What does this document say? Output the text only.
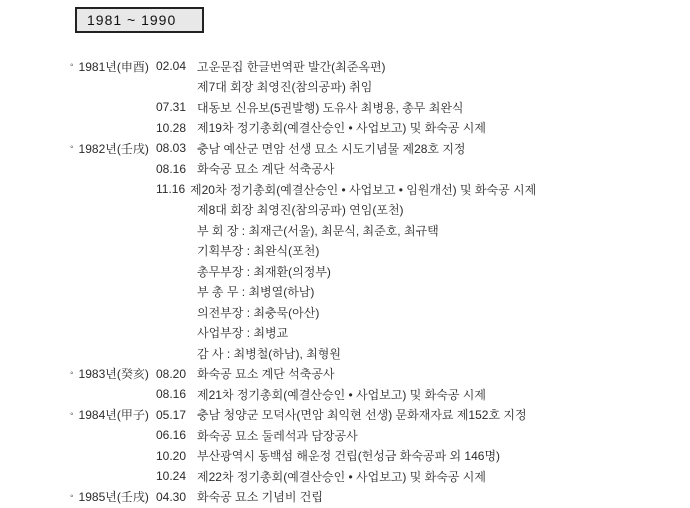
1981 ~ 1990
◦ 1981년(申酉) 02.04 고운문집 한글번역판 발간(최준옥편)
제7대 회장 최영진(참의공파) 취임
07.31 대동보 신유보(5권발행) 도유사 최병용, 총무 최완식
10.28 제19차 정기총회(예결산승인 • 사업보고) 및 화숙공 시제
◦ 1982년(壬戌) 08.03 충남 예산군 면암 선생 묘소 시도기념물 제28호 지정
08.16 화숙공 묘소 계단 석축공사
11.16 제20차 정기총회(예결산승인 • 사업보고 • 임원개선) 및 화숙공 시제
제8대 회장 최영진(참의공파) 연임(포천)
부 회 장 : 최재근(서울), 최문식, 최준호, 최규택
기획부장 : 최완식(포천)
총무부장 : 최재환(의정부)
부 총 무 : 최병열(하남)
의전부장 : 최충묵(아산)
사업부장 : 최병교
감 사 : 최병철(하남), 최형원
◦ 1983년(癸亥) 08.20 화숙공 묘소 계단 석축공사
08.16 제21차 정기총회(예결산승인 • 사업보고) 및 화숙공 시제
◦ 1984년(甲子) 05.17 충남 청양군 모덕사(면암 최익현 선생) 문화재자료 제152호 지정
06.16 화숙공 묘소 둘레석과 담장공사
10.20 부산광역시 동백섬 해운정 건립(헌성금 화숙공파 외 146명)
10.24 제22차 정기총회(예결산승인 • 사업보고) 및 화숙공 시제
◦ 1985년(壬戌) 04.30 화숙공 묘소 기념비 건립
